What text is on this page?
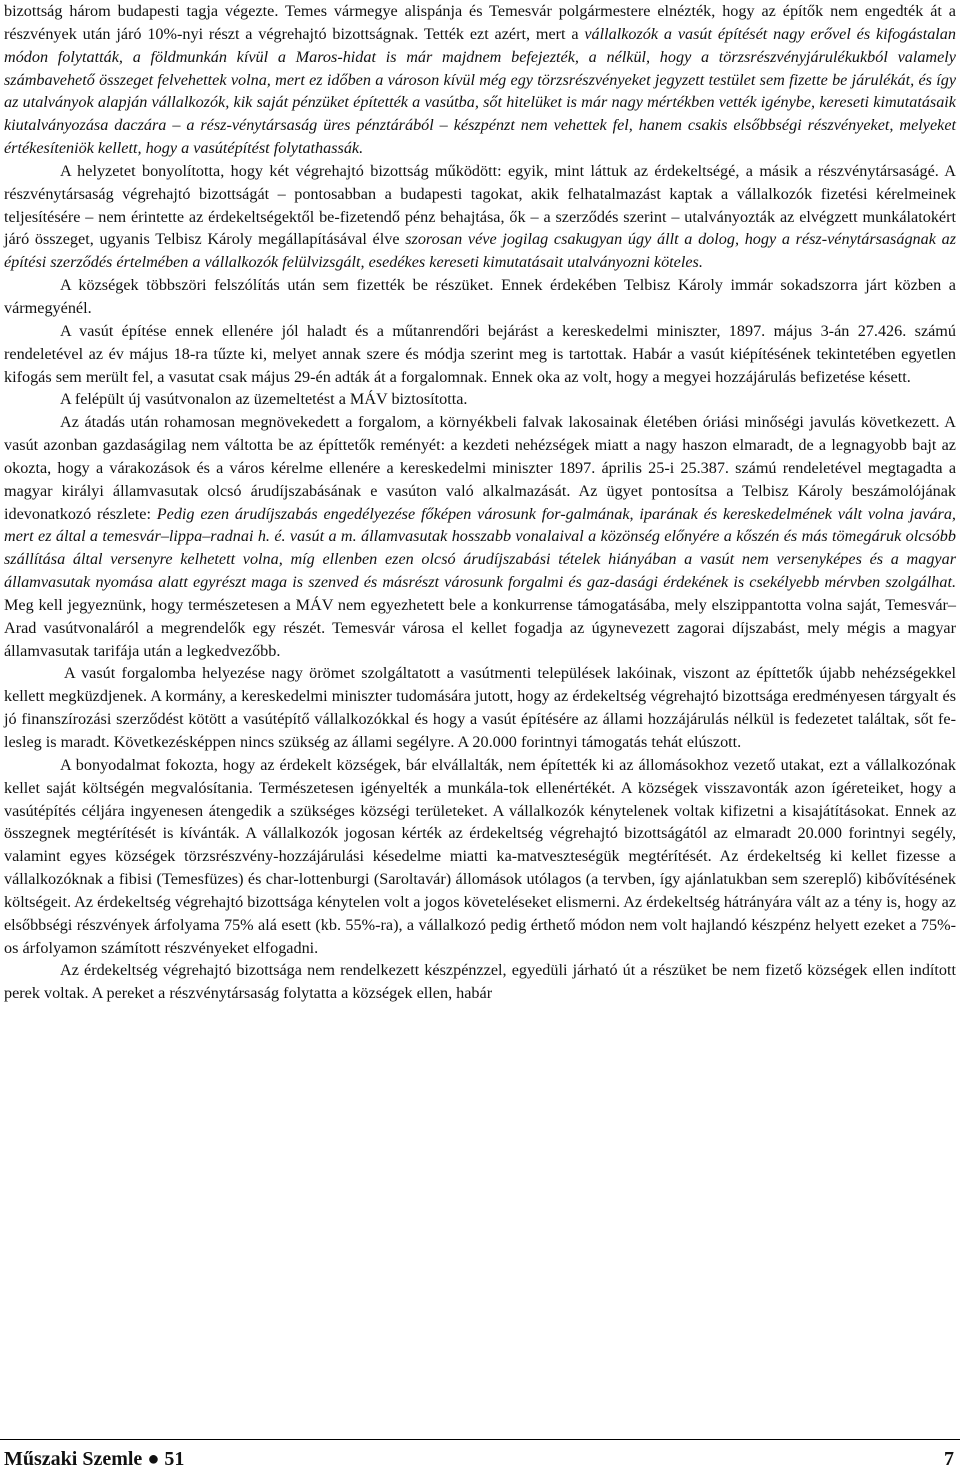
bizottság három budapesti tagja végezte. Temes vármegye alispánja és Temesvár polgármestere elnézték, hogy az építők nem engedték át a részvények után járó 10%-nyi részt a végrehajtó bizottságnak. Tették ezt azért, mert a vállalkozók a vasút építését nagy erővel és kifogástalan módon folytatták, a földmunkán kívül a Maros-hidat is már majdnem befejezték, a nélkül, hogy a törzsrészvényjárulékukból valamely számbavehető összeget felvehettek volna, mert ez időben a városon kívül még egy törzsrészvényeket jegyzett testület sem fizette be járulékát, és így az utalványok alapján vállalkozók, kik saját pénzüket építették a vasútba, sőt hitelüket is már nagy mértékben vették igénybe, kereseti kimutatásaik kiutalványozása daczára – a rész-vénytársaság üres pénztárából – készpénzt nem vehettek fel, hanem csakis elsőbbségi részvényeket, melyeket értékesíteniök kellett, hogy a vasútépítést folytathassák.

A helyzetet bonyolította, hogy két végrehajtó bizottság működött: egyik, mint láttuk az érdekeltségé, a másik a részvénytársaságé. A részvénytársaság végrehajtó bizottságát – pontosabban a budapesti tagokat, akik felhatalmazást kaptak a vállalkozók fizetési kérelmeinek teljesítésére – nem érintette az érdekeltségektől be-fizetendő pénz behajtása, ők – a szerződés szerint – utalványozták az elvégzett munkálatokért járó összeget, ugyanis Telbisz Károly megállapításával élve szorosan véve jogilag csakugyan úgy állt a dolog, hogy a rész-vénytársaságnak az építési szerződés értelmében a vállalkozók felülvizsgált, esedékes kereseti kimutatásait utalványozni köteles.

A községek többszöri felszólítás után sem fizették be részüket. Ennek érdekében Telbisz Károly immár sokadszorra járt közben a vármegyénél.

A vasút építése ennek ellenére jól haladt és a műtanrendőri bejárást a kereskedelmi miniszter, 1897. május 3-án 27.426. számú rendeletével az év május 18-ra tűzte ki, melyet annak szere és módja szerint meg is tartottak. Habár a vasút kiépítésének tekintetében egyetlen kifogás sem merült fel, a vasutat csak május 29-én adták át a forgalomnak. Ennek oka az volt, hogy a megyei hozzájárulás befizetése késett.

A felépült új vasútvonalon az üzemeltetést a MÁV biztosította.

Az átadás után rohamosan megnövekedett a forgalom, a környékbeli falvak lakosainak életében óriási minőségi javulás következett. A vasút azonban gazdaságilag nem váltotta be az építtetők reményét: a kezdeti nehézségek miatt a nagy haszon elmaradt, de a legnagyobb bajt az okozta, hogy a várakozások és a város kérelme ellenére a kereskedelmi miniszter 1897. április 25-i 25.387. számú rendeletével megtagadta a magyar királyi államvasutak olcsó árudíjszabásának e vasúton való alkalmazását. Az ügyet pontosítsa a Telbisz Károly beszámolójának idevonatkozó részlete: Pedig ezen árudíjszabás engedélyezése főképen városunk for-galmának, iparának és kereskedelmének vált volna javára, mert ez által a temesvár–lippa–radnai h. é. vasút a m. államvasutak hosszabb vonalaival a közönség előnyére a kőszén és más tömegáruk olcsóbb szállítása által versenyre kelhetett volna, míg ellenben ezen olcsó árudíjszabási tételek hiányában a vasút nem versenyképes és a magyar államvasutak nyomása alatt egyrészt maga is szenved és másrészt városunk forgalmi és gaz-dasági érdekének is csekélyebb mérvben szolgálhat. Meg kell jegyeznünk, hogy természetesen a MÁV nem egyezhetett bele a konkurrense támogatásába, mely elszippantotta volna saját, Temesvár–Arad vasútvonaláról a megrendelők egy részét. Temesvár városa el kellet fogadja az úgynevezett zagorai díjszabást, mely mégis a magyar államvasutak tarifája után a legkedvezőbb.

A vasút forgalomba helyezése nagy örömet szolgáltatott a vasútmenti települések lakóinak, viszont az építtetők újabb nehézségekkel kellett megküzdjenek. A kormány, a kereskedelmi miniszter tudomására jutott, hogy az érdekeltség végrehajtó bizottsága eredményesen tárgyalt és jó finanszírozási szerződést kötött a vasútépítő vállalkozókkal és hogy a vasút építésére az állami hozzájárulás nélkül is fedezetet találtak, sőt fe-lesleg is maradt. Következésképpen nincs szükség az állami segélyre. A 20.000 forintnyi támogatás tehát elúszott.

A bonyodalmat fokozta, hogy az érdekelt községek, bár elvállalták, nem építették ki az állomásokhoz vezető utakat, ezt a vállalkozónak kellet saját költségén megvalósítania. Természetesen igényelték a munkála-tok ellenértékét. A községek visszavonták azon ígéreteiket, hogy a vasútépítés céljára ingyenesen átengedik a szükséges községi területeket. A vállalkozók kénytelenek voltak kifizetni a kisajátításokat. Ennek az összegnek megtérítését is kívánták. A vállalkozók jogosan kérték az érdekeltség végrehajtó bizottságától az elmaradt 20.000 forintnyi segély, valamint egyes községek törzsrészvény-hozzájárulási késedelme miatti ka-matveszteségük megtérítését. Az érdekeltség ki kellet fizesse a vállalkozóknak a fibisi (Temesfüzes) és char-lottenburgi (Saroltavár) állomások utólagos (a tervben, így ajánlatukban sem szereplő) kibővítésének költségeit. Az érdekeltség végrehajtó bizottsága kénytelen volt a jogos követeléseket elismerni. Az érdekeltség hátrányára vált az a tény is, hogy az elsőbbségi részvények árfolyama 75% alá esett (kb. 55%-ra), a vállalkozó pedig érthető módon nem volt hajlandó készpénz helyett ezeket a 75%-os árfolyamon számított részvényeket elfogadni.

Az érdekeltség végrehajtó bizottsága nem rendelkezett készpénzzel, egyedüli járható út a részüket be nem fizető községek ellen indított perek voltak. A pereket a részvénytársaság folytatta a községek ellen, habár

Műszaki Szemle ● 51	7
